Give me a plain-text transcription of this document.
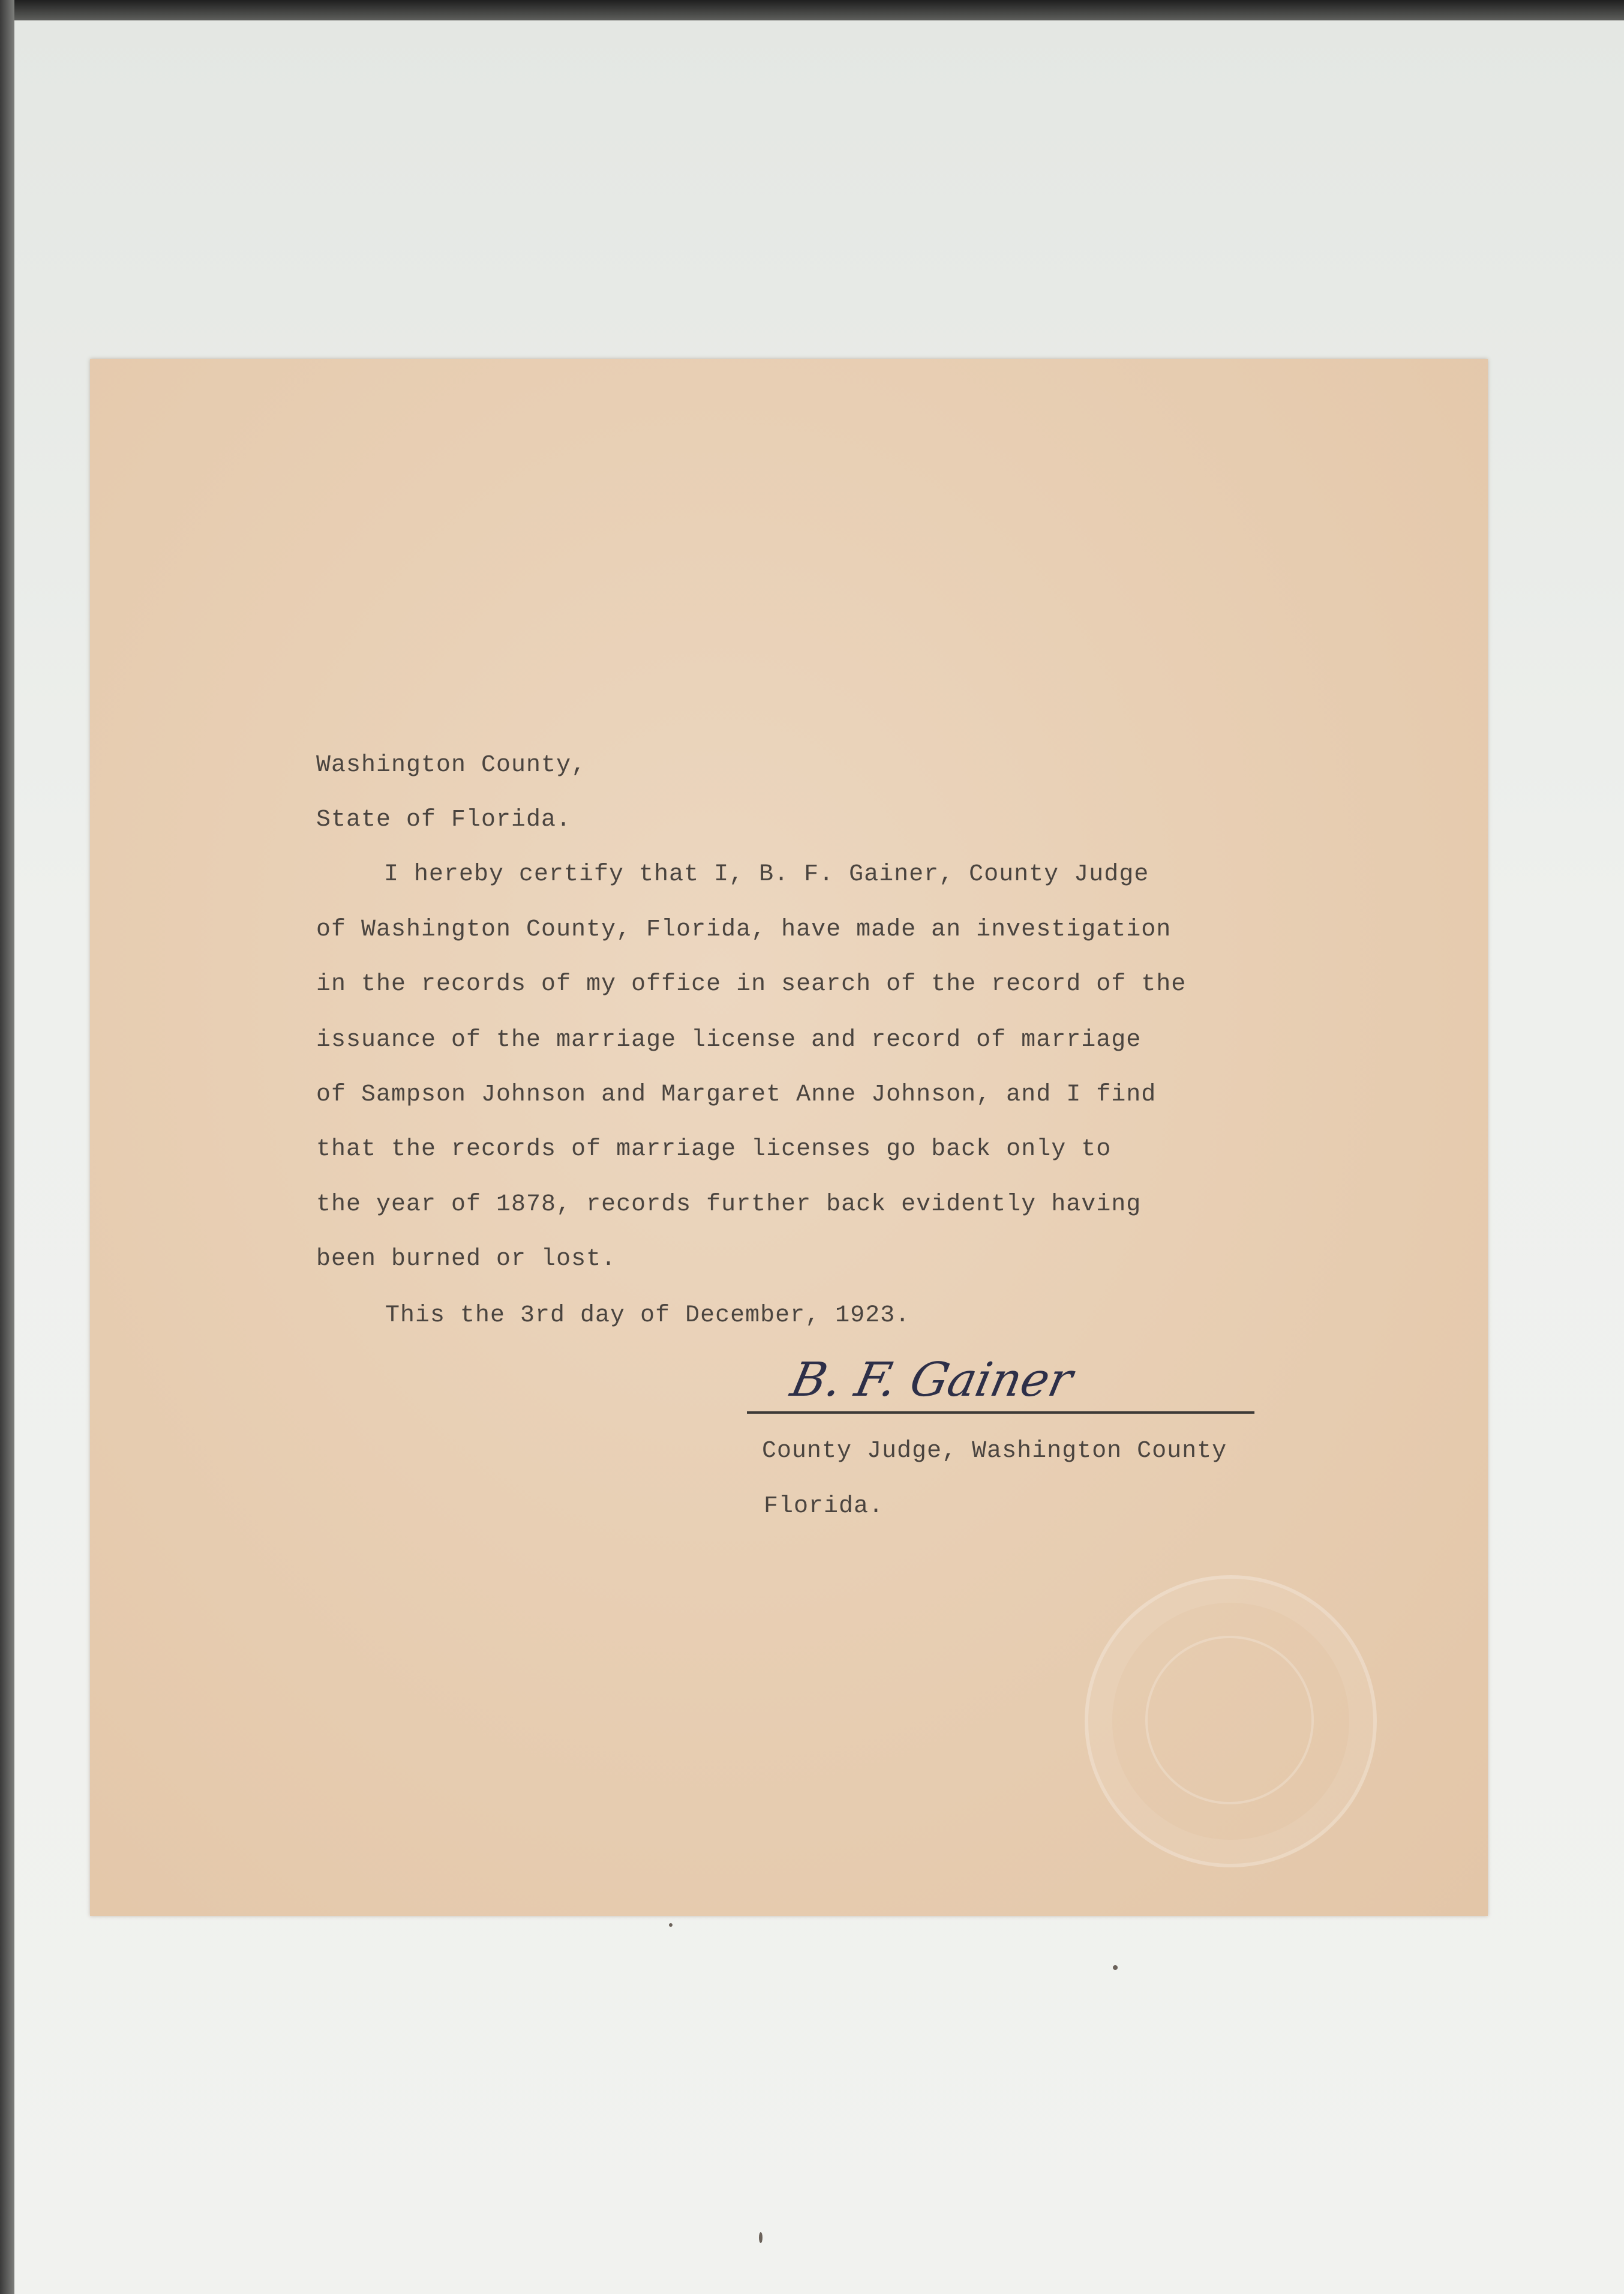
Washington County,

State of Florida.

I hereby certify that I, B. F. Gainer, County Judge

of Washington County, Florida, have made an investigation

in the records of my office in search of the record of the

issuance of the marriage license and record of marriage

of Sampson Johnson and Margaret Anne Johnson, and I find

that the records of marriage licenses go back only to

the year of 1878, records further back evidently having

been burned or lost.

This the 3rd day of December, 1923.

B. F. Gainer

County Judge, Washington County

Florida.
